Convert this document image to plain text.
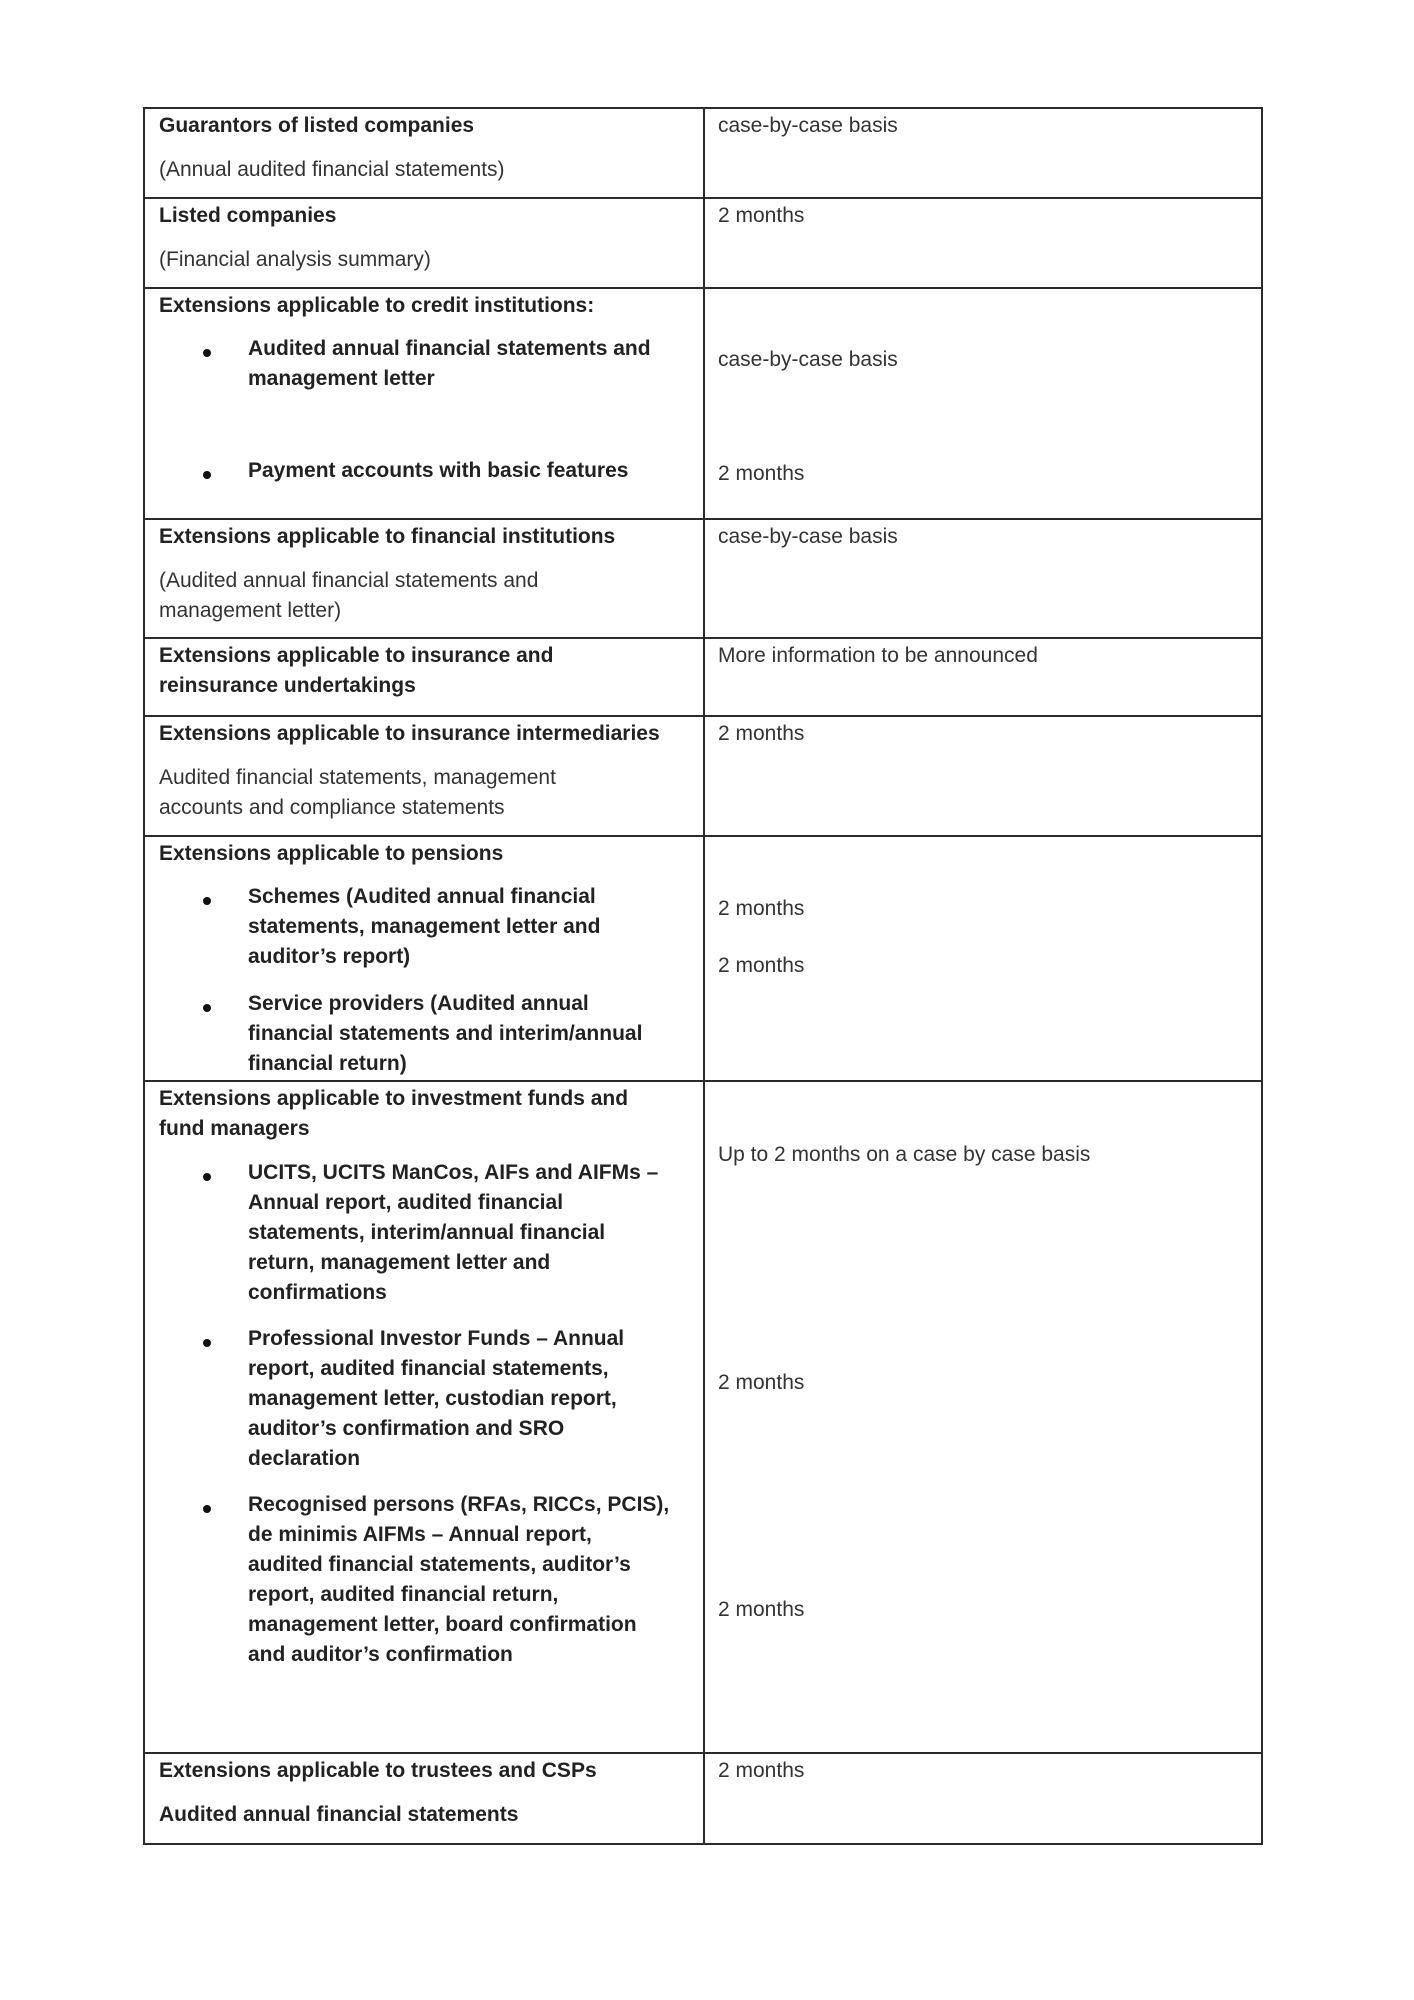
Guarantors of listed companies
(Annual audited financial statements)
case-by-case basis
Listed companies
(Financial analysis summary)
2 months
Extensions applicable to credit institutions:
Audited annual financial statements and
management letter
Payment accounts with basic features
case-by-case basis
2 months
Extensions applicable to financial institutions
(Audited annual financial statements and
management letter)
case-by-case basis
Extensions applicable to insurance and
reinsurance undertakings
More information to be announced
Extensions applicable to insurance intermediaries
Audited financial statements, management
accounts and compliance statements
2 months
Extensions applicable to pensions
Schemes (Audited annual financial
statements, management letter and
auditor’s report)
Service providers (Audited annual
financial statements and interim/annual
financial return)
2 months
2 months
Extensions applicable to investment funds and
fund managers
UCITS, UCITS ManCos, AIFs and AIFMs –
Annual report, audited financial
statements, interim/annual financial
return, management letter and
confirmations
Professional Investor Funds – Annual
report, audited financial statements,
management letter, custodian report,
auditor’s confirmation and SRO
declaration
Recognised persons (RFAs, RICCs, PCIS),
de minimis AIFMs – Annual report,
audited financial statements, auditor’s
report, audited financial return,
management letter, board confirmation
and auditor’s confirmation
Up to 2 months on a case by case basis
2 months
2 months
Extensions applicable to trustees and CSPs
Audited annual financial statements
2 months
